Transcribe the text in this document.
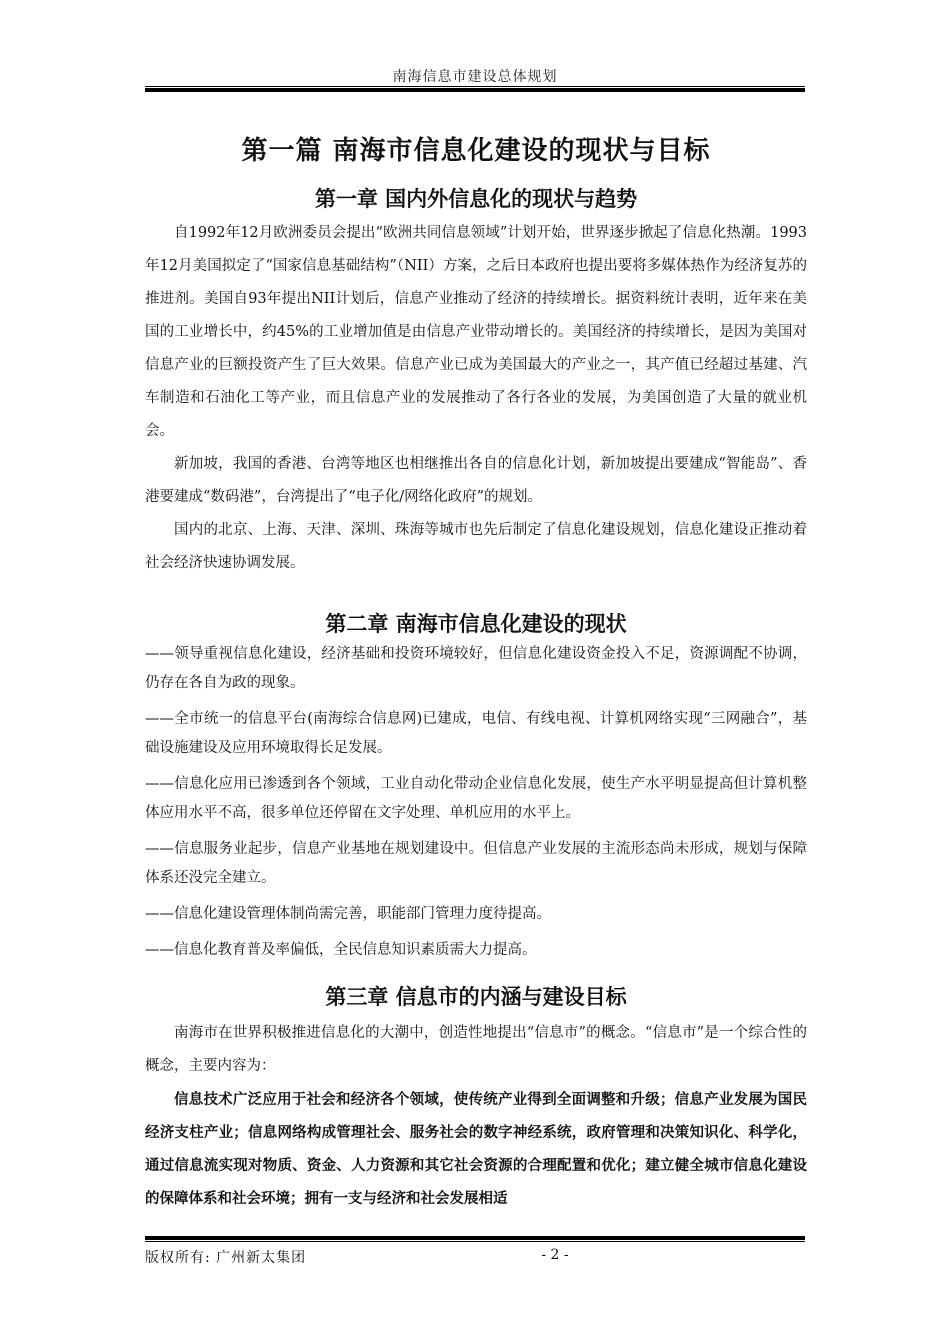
南海信息市建设总体规划
第一篇 南海市信息化建设的现状与目标
第一章 国内外信息化的现状与趋势

自1992年12月欧洲委员会提出“欧洲共同信息领域”计划开始，世界逐步掀起了信息化热潮。1993年12月美国拟定了“国家信息基础结构”（NII）方案，之后日本政府也提出要将多媒体热作为经济复苏的推进剂。美国自93年提出NII计划后，信息产业推动了经济的持续增长。据资料统计表明，近年来在美国的工业增长中，约45%的工业增加值是由信息产业带动增长的。美国经济的持续增长，是因为美国对信息产业的巨额投资产生了巨大效果。信息产业已成为美国最大的产业之一，其产值已经超过基建、汽车制造和石油化工等产业，而且信息产业的发展推动了各行各业的发展，为美国创造了大量的就业机会。

新加坡，我国的香港、台湾等地区也相继推出各自的信息化计划，新加坡提出要建成“智能岛”、香港要建成“数码港”，台湾提出了“电子化/网络化政府”的规划。

国内的北京、上海、天津、深圳、珠海等城市也先后制定了信息化建设规划，信息化建设正推动着社会经济快速协调发展。

第二章 南海市信息化建设的现状

——领导重视信息化建设，经济基础和投资环境较好，但信息化建设资金投入不足，资源调配不协调，仍存在各自为政的现象。

——全市统一的信息平台(南海综合信息网)已建成，电信、有线电视、计算机网络实现“三网融合”，基础设施建设及应用环境取得长足发展。

——信息化应用已渗透到各个领域，工业自动化带动企业信息化发展，使生产水平明显提高但计算机整体应用水平不高，很多单位还停留在文字处理、单机应用的水平上。

——信息服务业起步，信息产业基地在规划建设中。但信息产业发展的主流形态尚未形成，规划与保障体系还没完全建立。

——信息化建设管理体制尚需完善，职能部门管理力度待提高。

——信息化教育普及率偏低，全民信息知识素质需大力提高。

第三章 信息市的内涵与建设目标

南海市在世界积极推进信息化的大潮中，创造性地提出“信息市”的概念。“信息市”是一个综合性的概念，主要内容为：

信息技术广泛应用于社会和经济各个领域，使传统产业得到全面调整和升级；信息产业发展为国民经济支柱产业；信息网络构成管理社会、服务社会的数字神经系统，政府管理和决策知识化、科学化，通过信息流实现对物质、资金、人力资源和其它社会资源的合理配置和优化；建立健全城市信息化建设的保障体系和社会环境；拥有一支与经济和社会发展相适

版权所有: 广州新太集团	- 2 -
